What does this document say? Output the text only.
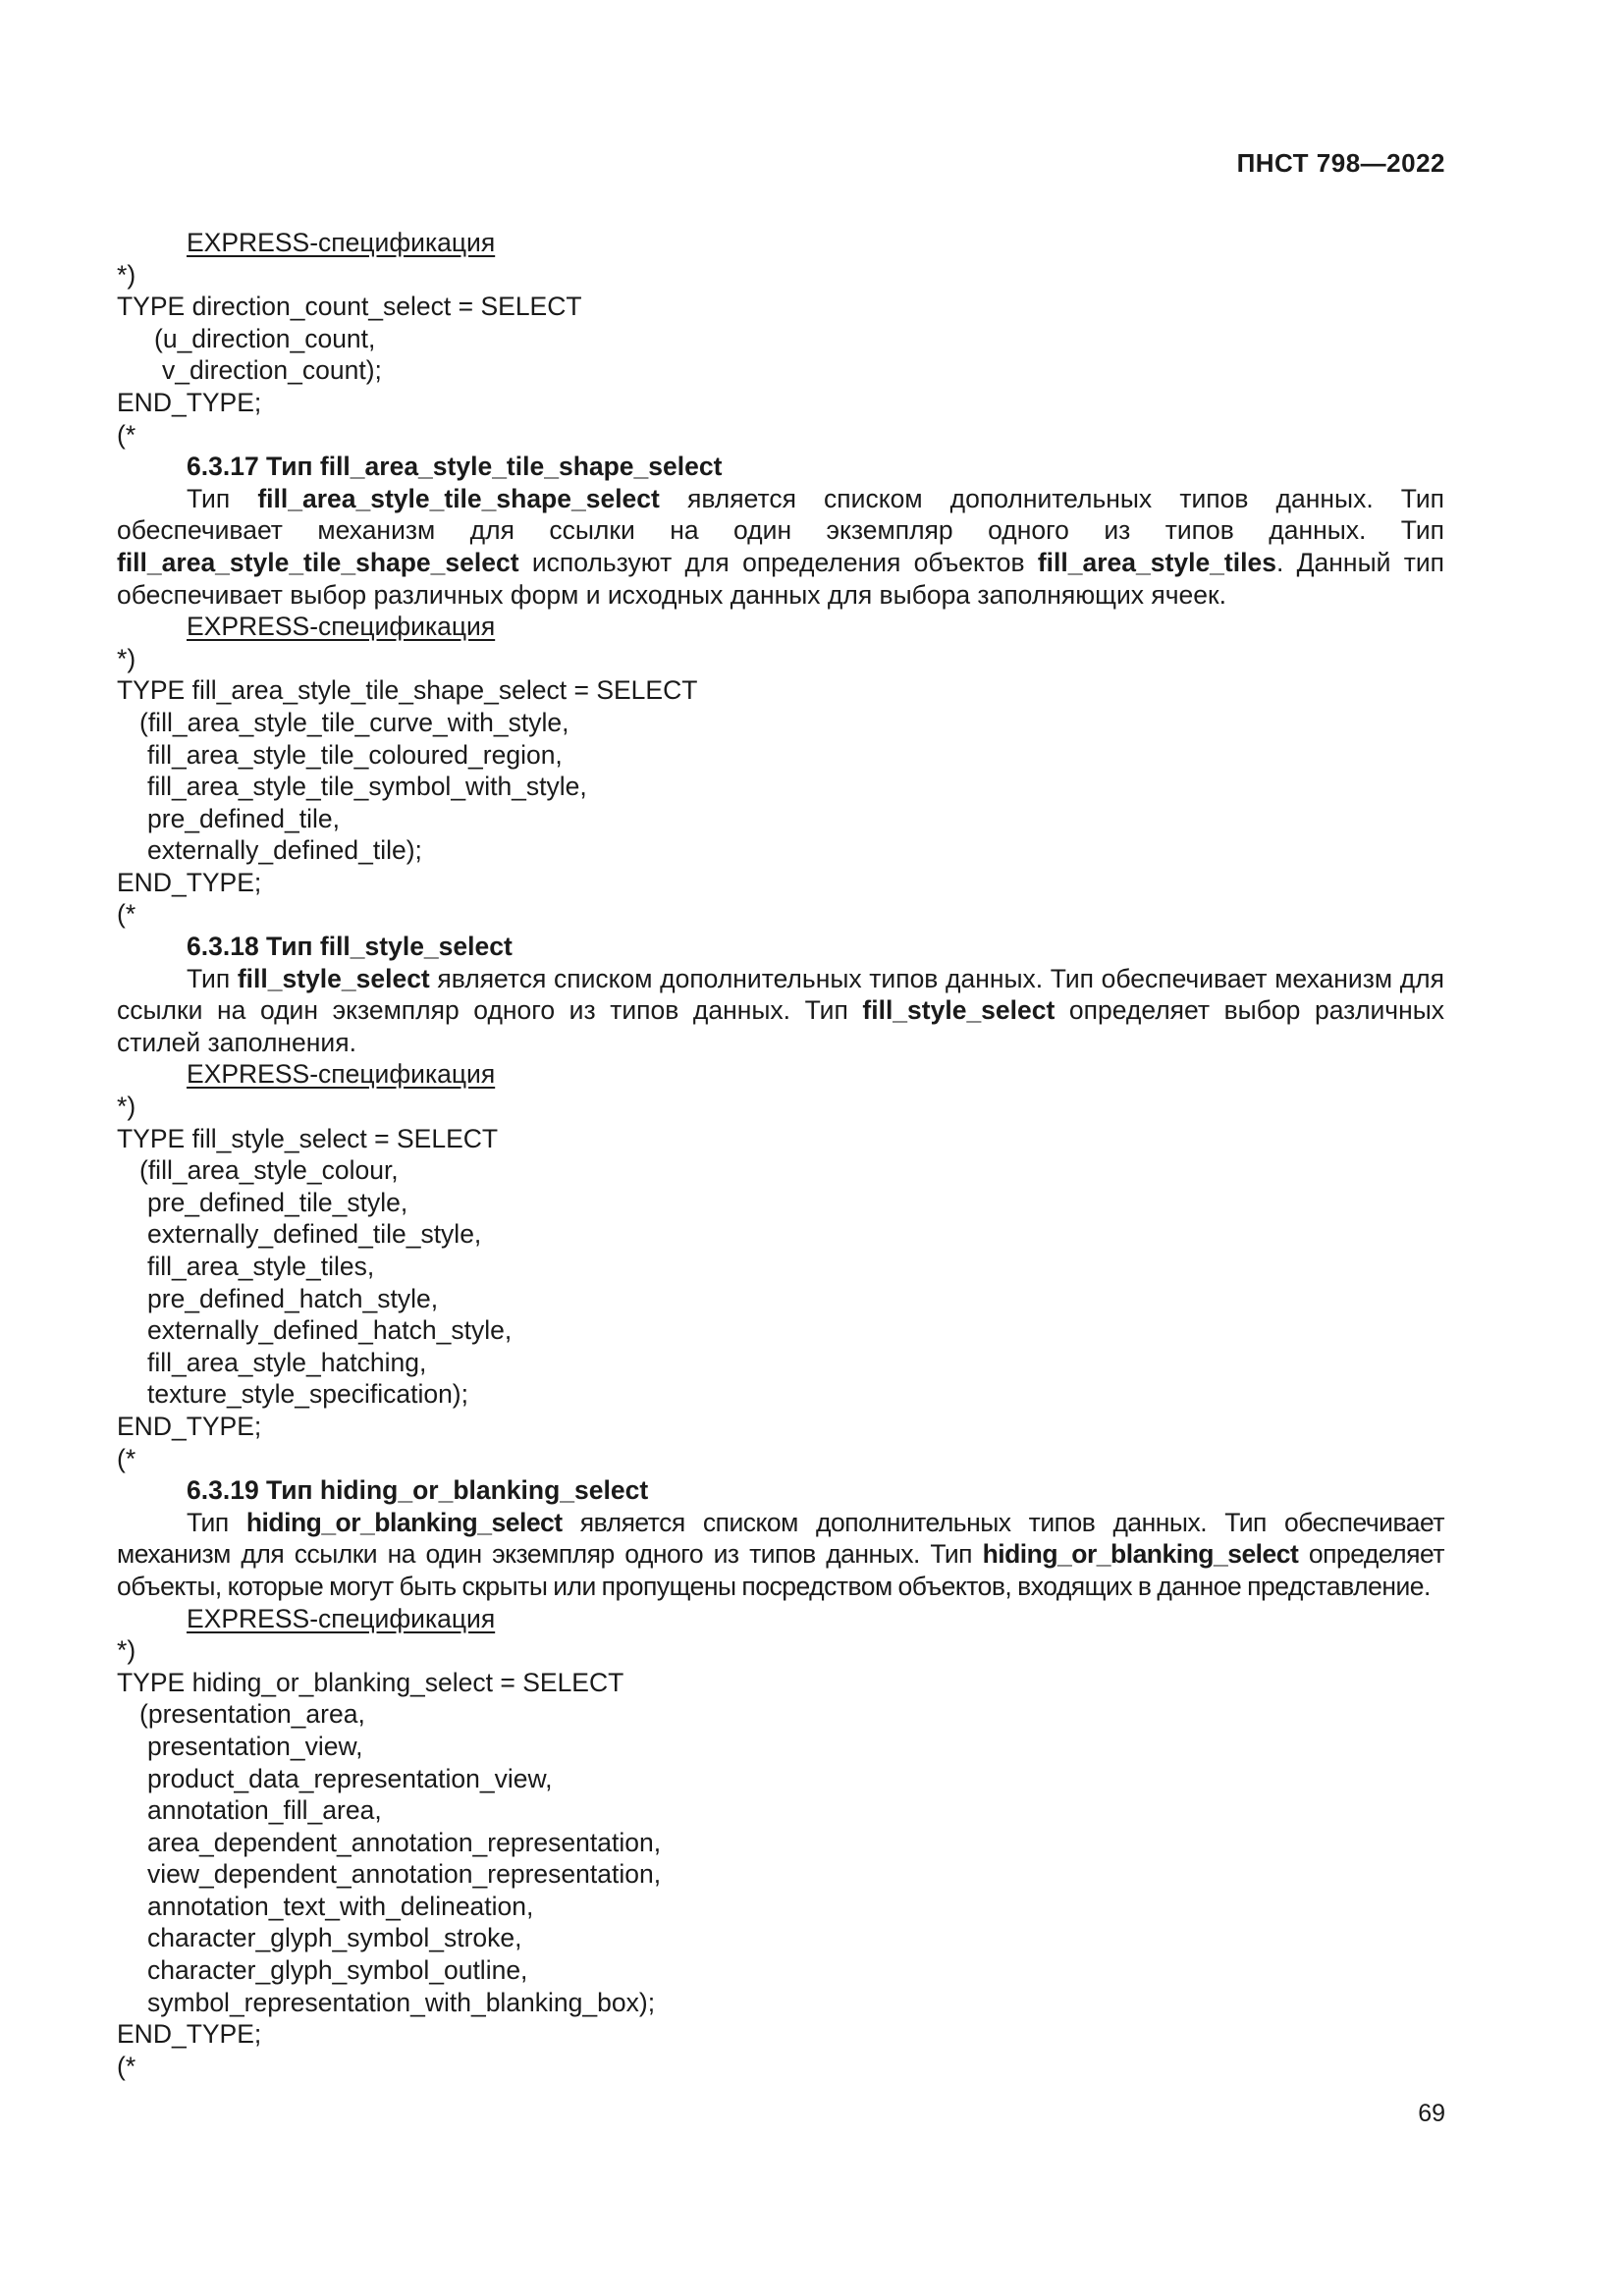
ПНСТ 798—2022
EXPRESS-спецификация
*)
TYPE direction_count_select = SELECT
(u_direction_count,
v_direction_count);
END_TYPE;
(*
6.3.17 Тип fill_area_style_tile_shape_select
Тип fill_area_style_tile_shape_select является списком дополнительных типов данных. Тип обеспечивает механизм для ссылки на один экземпляр одного из типов данных. Тип fill_area_style_tile_shape_select используют для определения объектов fill_area_style_tiles. Данный тип обеспечивает выбор различных форм и исходных данных для выбора заполняющих ячеек.
EXPRESS-спецификация
*)
TYPE fill_area_style_tile_shape_select = SELECT
(fill_area_style_tile_curve_with_style,
fill_area_style_tile_coloured_region,
fill_area_style_tile_symbol_with_style,
pre_defined_tile,
externally_defined_tile);
END_TYPE;
(*
6.3.18 Тип fill_style_select
Тип fill_style_select является списком дополнительных типов данных. Тип обеспечивает механизм для ссылки на один экземпляр одного из типов данных. Тип fill_style_select определяет выбор различных стилей заполнения.
EXPRESS-спецификация
*)
TYPE fill_style_select = SELECT
(fill_area_style_colour,
pre_defined_tile_style,
externally_defined_tile_style,
fill_area_style_tiles,
pre_defined_hatch_style,
externally_defined_hatch_style,
fill_area_style_hatching,
texture_style_specification);
END_TYPE;
(*
6.3.19 Тип hiding_or_blanking_select
Тип hiding_or_blanking_select является списком дополнительных типов данных. Тип обеспечивает механизм для ссылки на один экземпляр одного из типов данных. Тип hiding_or_blanking_select определяет объекты, которые могут быть скрыты или пропущены посредством объектов, входящих в данное представление.
EXPRESS-спецификация
*)
TYPE hiding_or_blanking_select = SELECT
(presentation_area,
presentation_view,
product_data_representation_view,
annotation_fill_area,
area_dependent_annotation_representation,
view_dependent_annotation_representation,
annotation_text_with_delineation,
character_glyph_symbol_stroke,
character_glyph_symbol_outline,
symbol_representation_with_blanking_box);
END_TYPE;
(*
69
